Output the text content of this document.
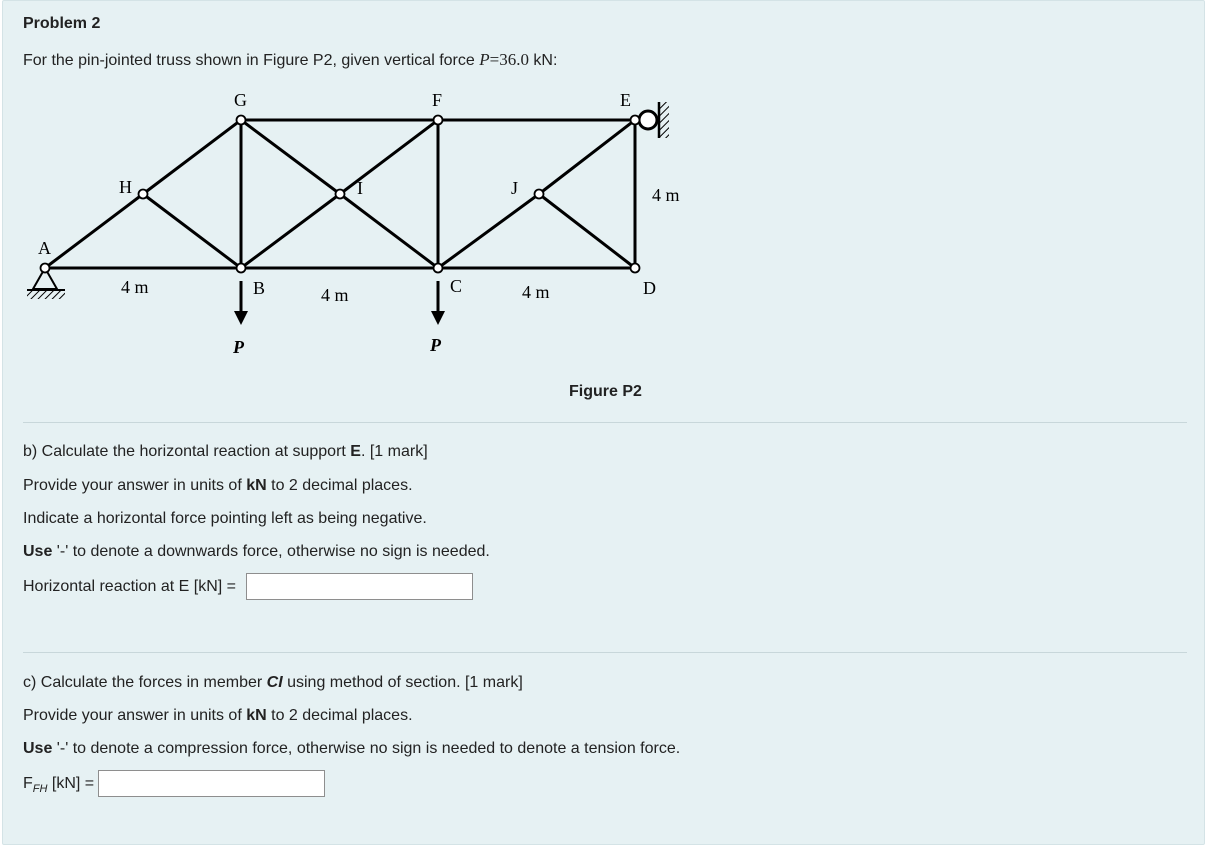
Problem 2
For the pin-jointed truss shown in Figure P2, given vertical force P=36.0 kN:
G	F	E
H	I	J
A
B	C	D
4 m	4 m	4 m
4 m
P	P
Figure P2
b) Calculate the horizontal reaction at support E. [1 mark]
Provide your answer in units of kN to 2 decimal places.
Indicate a horizontal force pointing left as being negative.
Use '-' to denote a downwards force, otherwise no sign is needed.
Horizontal reaction at E [kN] =
c) Calculate the forces in member CI using method of section. [1 mark]
Provide your answer in units of kN to 2 decimal places.
Use '-' to denote a compression force, otherwise no sign is needed to denote a tension force.
$F_{FH}$ [kN] =
